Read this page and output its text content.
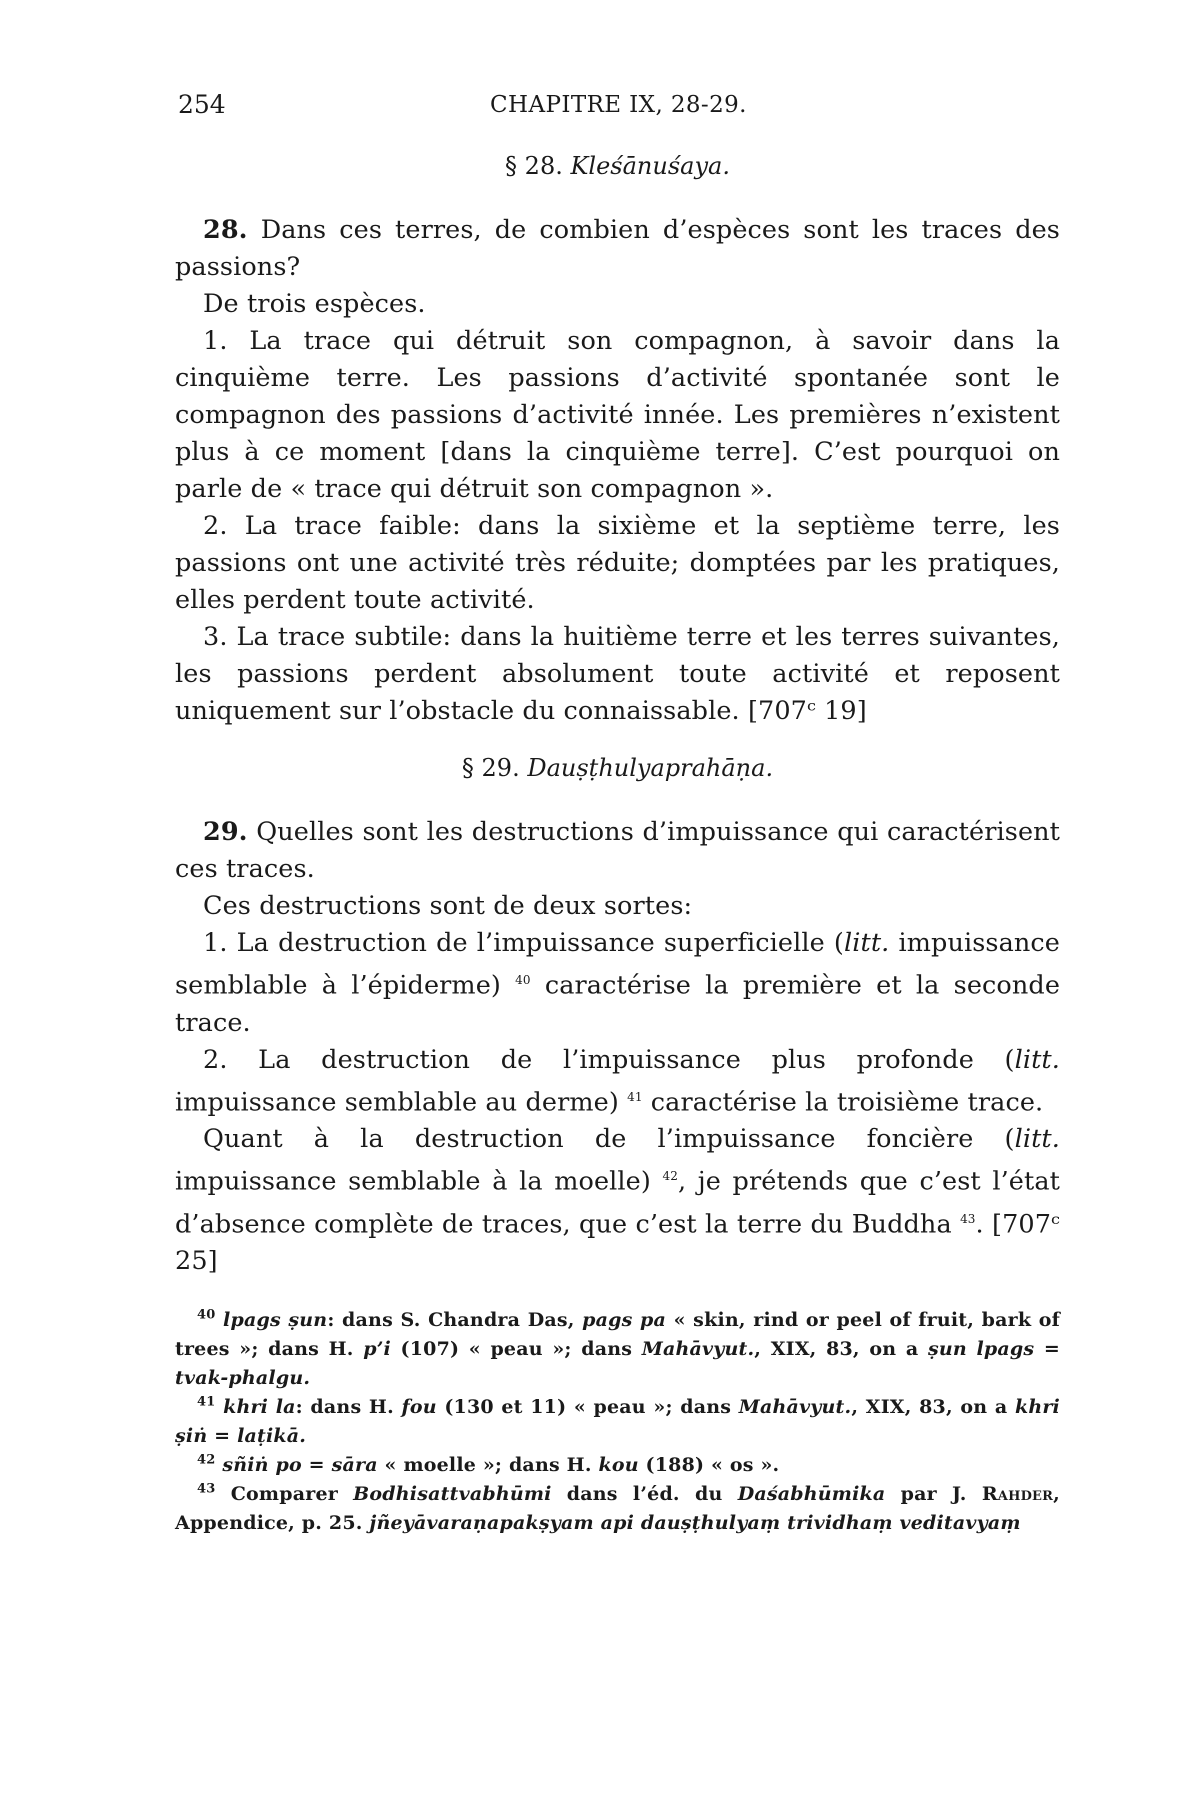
254	CHAPITRE IX, 28-29.
§ 28. Kleśānuśaya.

28. Dans ces terres, de combien d’espèces sont les traces des passions?

De trois espèces.

1. La trace qui détruit son compagnon, à savoir dans la cinquième terre. Les passions d’activité spontanée sont le compagnon des passions d’activité innée. Les premières n’existent plus à ce moment [dans la cinquième terre]. C’est pourquoi on parle de « trace qui détruit son compagnon ».

2. La trace faible: dans la sixième et la septième terre, les passions ont une activité très réduite; domptées par les pratiques, elles perdent toute activité.

3. La trace subtile: dans la huitième terre et les terres suivantes, les passions perdent absolument toute activité et reposent uniquement sur l’obstacle du connaissable. [707ᶜ 19]

§ 29. Dauṣṭhulyaprahāṇa.

29. Quelles sont les destructions d’impuissance qui caractérisent ces traces.

Ces destructions sont de deux sortes:

1. La destruction de l’impuissance superficielle (litt. impuissance semblable à l’épiderme) $^{40}$ caractérise la première et la seconde trace.

2. La destruction de l’impuissance plus profonde (litt. impuissance semblable au derme) $^{41}$ caractérise la troisième trace.

Quant à la destruction de l’impuissance foncière (litt. impuissance semblable à la moelle) $^{42}$, je prétends que c’est l’état d’absence complète de traces, que c’est la terre du Buddha $^{43}$. [707ᶜ 25]

$^{40}$ lpags ṣun: dans S. Chandra Das, pags pa « skin, rind or peel of fruit, bark of trees »; dans H. p’i (107) « peau »; dans Mahāvyut., XIX, 83, on a ṣun lpags = tvak-phalgu.

$^{41}$ khri la: dans H. fou (130 et 11) « peau »; dans Mahāvyut., XIX, 83, on a khri ṣiṅ = laṭikā.

$^{42}$ sñiṅ po = sāra « moelle »; dans H. kou (188) « os ».

$^{43}$ Comparer Bodhisattvabhūmi dans l’éd. du Daśabhūmika par J. Rahder, Appendice, p. 25. jñeyāvaraṇapakṣyam api dauṣṭhulyaṃ trividhaṃ veditavyaṃ
